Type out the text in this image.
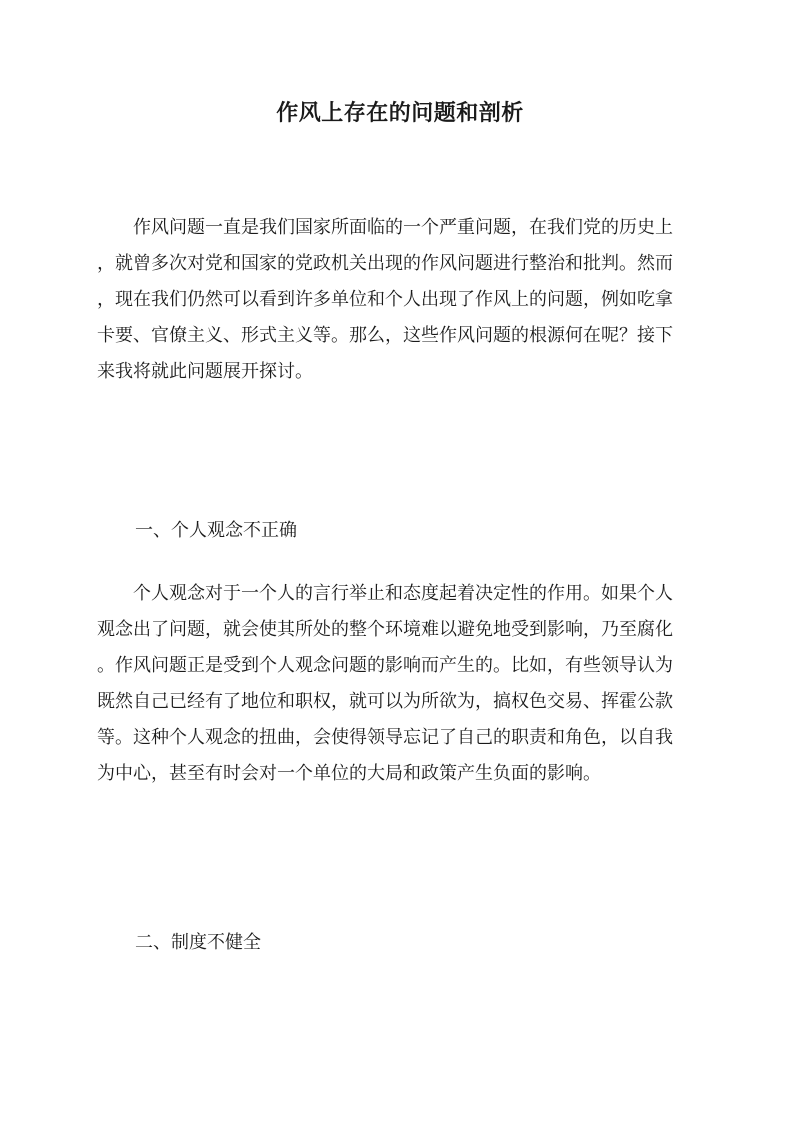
作风上存在的问题和剖析
　　作风问题一直是我们国家所面临的一个严重问题，在我们党的历史上
，就曾多次对党和国家的党政机关出现的作风问题进行整治和批判。然而
，现在我们仍然可以看到许多单位和个人出现了作风上的问题，例如吃拿
卡要、官僚主义、形式主义等。那么，这些作风问题的根源何在呢？接下
来我将就此问题展开探讨。
一、个人观念不正确
　　个人观念对于一个人的言行举止和态度起着决定性的作用。如果个人
观念出了问题，就会使其所处的整个环境难以避免地受到影响，乃至腐化
。作风问题正是受到个人观念问题的影响而产生的。比如，有些领导认为
既然自己已经有了地位和职权，就可以为所欲为，搞权色交易、挥霍公款
等。这种个人观念的扭曲，会使得领导忘记了自己的职责和角色，以自我
为中心，甚至有时会对一个单位的大局和政策产生负面的影响。
二、制度不健全
